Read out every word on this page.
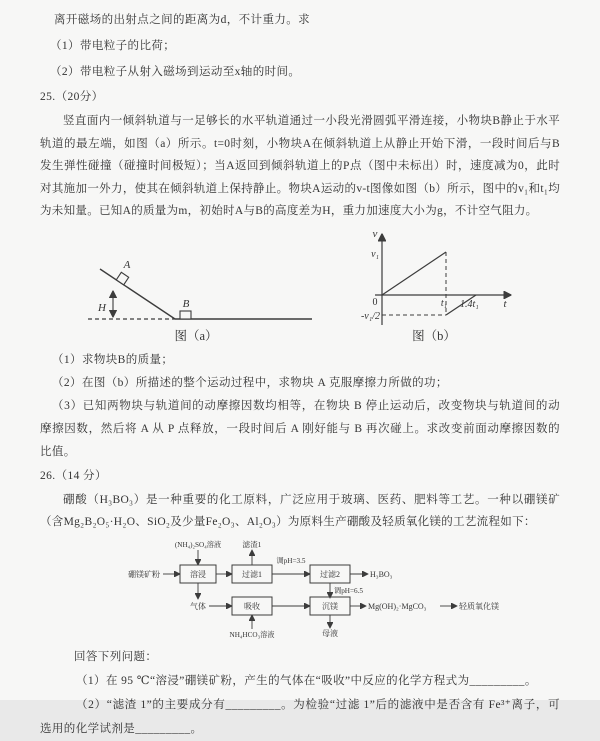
离开磁场的出射点之间的距离为d，不计重力。求
（1）带电粒子的比荷；
（2）带电粒子从射入磁场到运动至x轴的时间。
25.（20分）

竖直面内一倾斜轨道与一足够长的水平轨道通过一小段光滑圆弧平滑连接，小物块B静止于水平轨道的最左端，如图（a）所示。t=0时刻，小物块A在倾斜轨道上从静止开始下滑，一段时间后与B发生弹性碰撞（碰撞时间极短）；当A返回到倾斜轨道上的P点（图中未标出）时，速度减为0，此时对其施加一外力，使其在倾斜轨道上保持静止。物块A运动的v-t图像如图（b）所示，图中的v₁和t₁均为未知量。已知A的质量为m，初始时A与B的高度差为H，重力加速度大小为g，不计空气阻力。

A
H	B
图（a）
v
t
0
v₁
-v₁/2
t₁ 1.4t₁
图（b）
（1）求物块B的质量；
（2）在图（b）所描述的整个运动过程中，求物块 A 克服摩擦力所做的功；

（3）已知两物块与轨道间的动摩擦因数均相等，在物块 B 停止运动后，改变物块与轨道间的动摩擦因数，然后将 A 从 P 点释放，一段时间后 A 刚好能与 B 再次碰上。求改变前面动摩擦因数的比值。

26.（14 分）

硼酸（H₃BO₃）是一种重要的化工原料，广泛应用于玻璃、医药、肥料等工艺。一种以硼镁矿（含Mg₂B₂O₅·H₂O、SiO₂及少量Fe₂O₃、Al₂O₃）为原料生产硼酸及轻质氧化镁的工艺流程如下：

(NH₄)₂SO₄溶液	滤渣1
硼镁矿粉	溶浸	过滤1
调pH=3.5
过滤2	H₃BO₃
调pH=6.5
气体	吸收	沉镁	Mg(OH)₂·MgCO₃	轻质氧化镁
NH₄HCO₃溶液	母液
回答下列问题：

（1）在 95 ℃“溶浸”硼镁矿粉，产生的气体在“吸收”中反应的化学方程式为_________。

（2）“滤渣 1”的主要成分有_________。为检验“过滤 1”后的滤液中是否含有 Fe³⁺离子，可选用的化学试剂是_________。
